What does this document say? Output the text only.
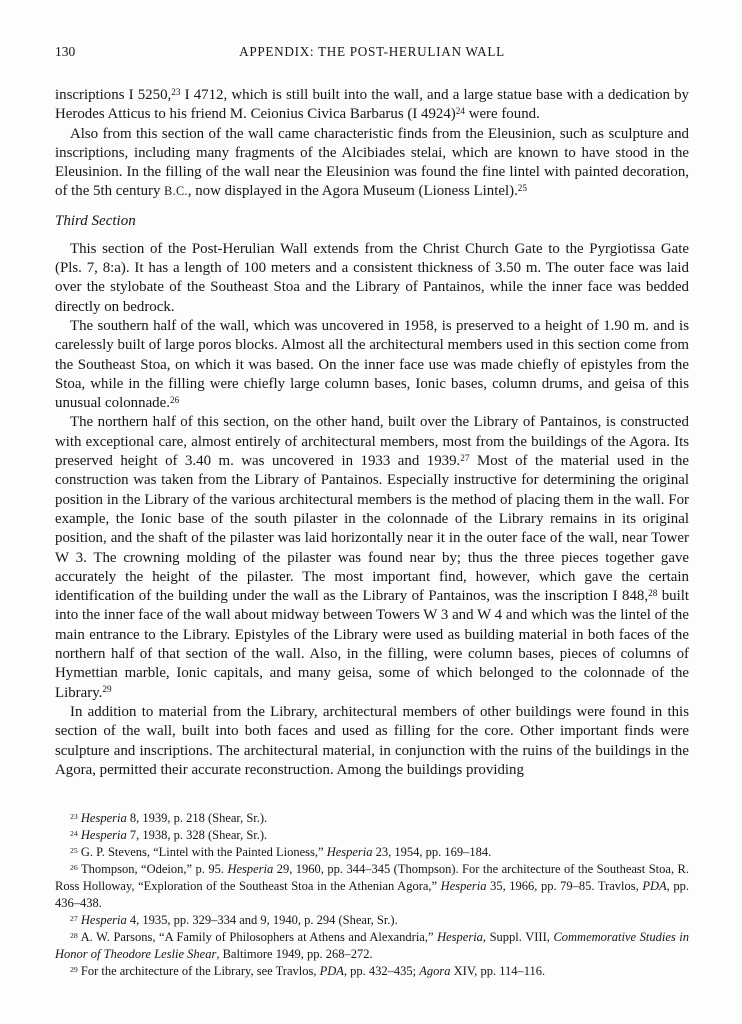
130	APPENDIX: THE POST-HERULIAN WALL

inscriptions I 5250,23 I 4712, which is still built into the wall, and a large statue base with a dedication by Herodes Atticus to his friend M. Ceionius Civica Barbarus (I 4924)$^{24}$ were found.

Also from this section of the wall came characteristic finds from the Eleusinion, such as sculpture and inscriptions, including many fragments of the Alcibiades stelai, which are known to have stood in the Eleusinion. In the filling of the wall near the Eleusinion was found the fine lintel with painted decoration, of the 5th century B.C., now displayed in the Agora Museum (Lioness Lintel).$^{25}$

Third Section

This section of the Post-Herulian Wall extends from the Christ Church Gate to the Pyrgiotissa Gate (Pls. 7, 8:a). It has a length of 100 meters and a consistent thickness of 3.50 m. The outer face was laid over the stylobate of the Southeast Stoa and the Library of Pantainos, while the inner face was bedded directly on bedrock.

The southern half of the wall, which was uncovered in 1958, is preserved to a height of 1.90 m. and is carelessly built of large poros blocks. Almost all the architectural members used in this section come from the Southeast Stoa, on which it was based. On the inner face use was made chiefly of epistyles from the Stoa, while in the filling were chiefly large column bases, Ionic bases, column drums, and geisa of this unusual colonnade.$^{26}$

The northern half of this section, on the other hand, built over the Library of Pantainos, is constructed with exceptional care, almost entirely of architectural members, most from the buildings of the Agora. Its preserved height of 3.40 m. was uncovered in 1933 and 1939.27 Most of the material used in the construction was taken from the Library of Pantainos. Especially instructive for determining the original position in the Library of the various architectural members is the method of placing them in the wall. For example, the Ionic base of the south pilaster in the colonnade of the Library remains in its original position, and the shaft of the pilaster was laid horizontally near it in the outer face of the wall, near Tower W 3. The crowning molding of the pilaster was found near by; thus the three pieces together gave accurately the height of the pilaster. The most important find, however, which gave the certain identification of the building under the wall as the Library of Pantainos, was the inscription I 848,28 built into the inner face of the wall about midway between Towers W 3 and W 4 and which was the lintel of the main entrance to the Library. Epistyles of the Library were used as building material in both faces of the northern half of that section of the wall. Also, in the filling, were column bases, pieces of columns of Hymettian marble, Ionic capitals, and many geisa, some of which belonged to the colonnade of the Library.$^{29}$

In addition to material from the Library, architectural members of other buildings were found in this section of the wall, built into both faces and used as filling for the core. Other important finds were sculpture and inscriptions. The architectural material, in conjunction with the ruins of the buildings in the Agora, permitted their accurate reconstruction. Among the buildings providing

$^{23}$ Hesperia 8, 1939, p. 218 (Shear, Sr.).

$^{24}$ Hesperia 7, 1938, p. 328 (Shear, Sr.).

$^{25}$ G. P. Stevens, “Lintel with the Painted Lioness,” Hesperia 23, 1954, pp. 169–184.

$^{26}$ Thompson, “Odeion,” p. 95. Hesperia 29, 1960, pp. 344–345 (Thompson). For the architecture of the Southeast Stoa, R. Ross Holloway, “Exploration of the Southeast Stoa in the Athenian Agora,” Hesperia 35, 1966, pp. 79–85. Travlos, PDA, pp. 436–438.

$^{27}$ Hesperia 4, 1935, pp. 329–334 and 9, 1940, p. 294 (Shear, Sr.).

$^{28}$ A. W. Parsons, “A Family of Philosophers at Athens and Alexandria,” Hesperia, Suppl. VIII, Commemorative Studies in Honor of Theodore Leslie Shear, Baltimore 1949, pp. 268–272.

$^{29}$ For the architecture of the Library, see Travlos, PDA, pp. 432–435; Agora XIV, pp. 114–116.
